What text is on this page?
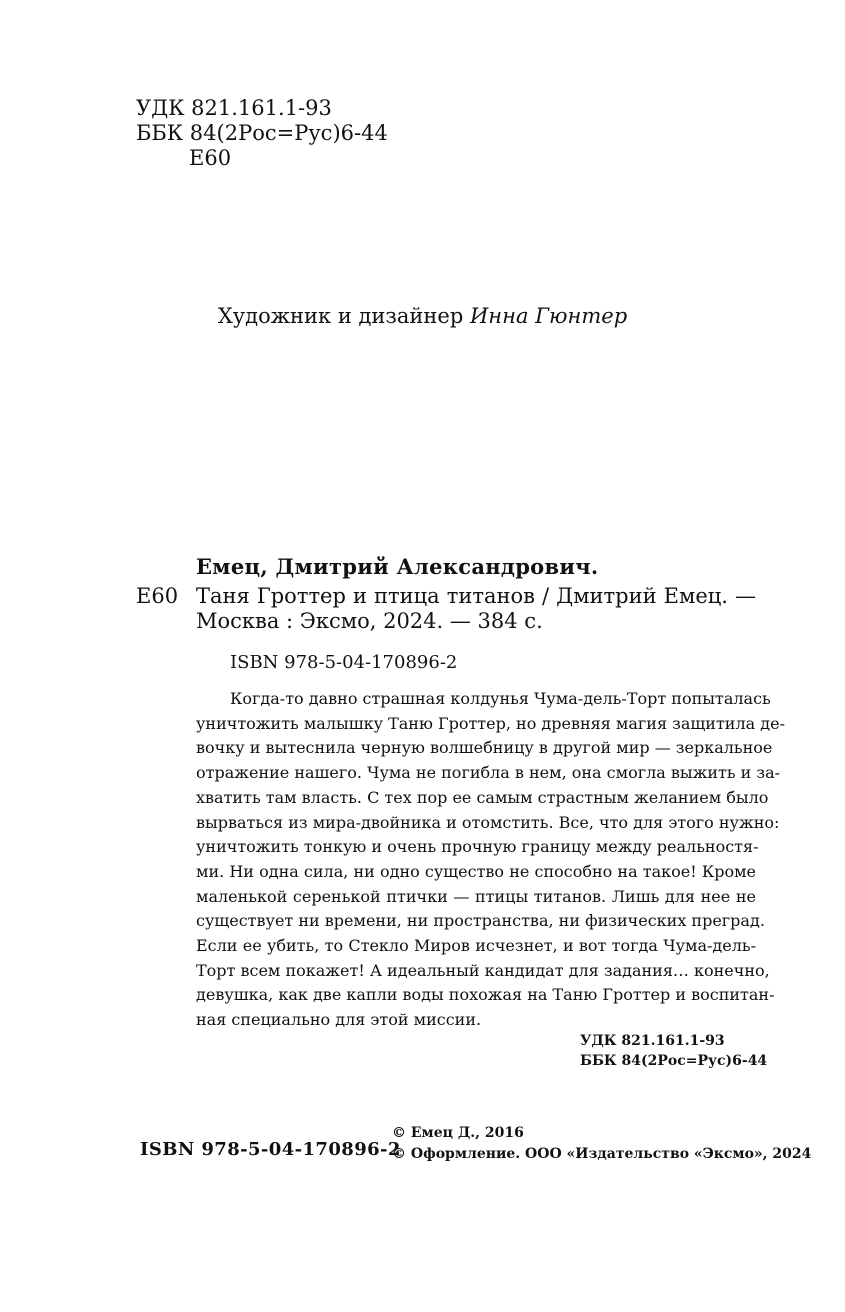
УДК 821.161.1-93
ББК 84(2Рос=Рус)6-44
Е60
Художник и дизайнер Инна Гюнтер
Емец, Дмитрий Александрович.
Е60 Таня Гроттер и птица титанов / Дмитрий Емец. —
Москва : Эксмо, 2024. — 384 с.
ISBN 978-5-04-170896-2
Когда-то давно страшная колдунья Чума-дель-Торт попыталась
уничтожить малышку Таню Гроттер, но древняя магия защитила де-
вочку и вытеснила черную волшебницу в другой мир — зеркальное
отражение нашего. Чума не погибла в нем, она смогла выжить и за-
хватить там власть. С тех пор ее самым страстным желанием было
вырваться из мира-двойника и отомстить. Все, что для этого нужно:
уничтожить тонкую и очень прочную границу между реальностя-
ми. Ни одна сила, ни одно существо не способно на такое! Кроме
маленькой серенькой птички — птицы титанов. Лишь для нее не
существует ни времени, ни пространства, ни физических преград.
Если ее убить, то Стекло Миров исчезнет, и вот тогда Чума-дель-
Торт всем покажет! А идеальный кандидат для задания… конечно,
девушка, как две капли воды похожая на Таню Гроттер и воспитан-
ная специально для этой миссии.
УДК 821.161.1-93
ББК 84(2Рос=Рус)6-44
ISBN 978-5-04-170896-2
© Емец Д., 2016
© Оформление. ООО «Издательство «Эксмо», 2024
